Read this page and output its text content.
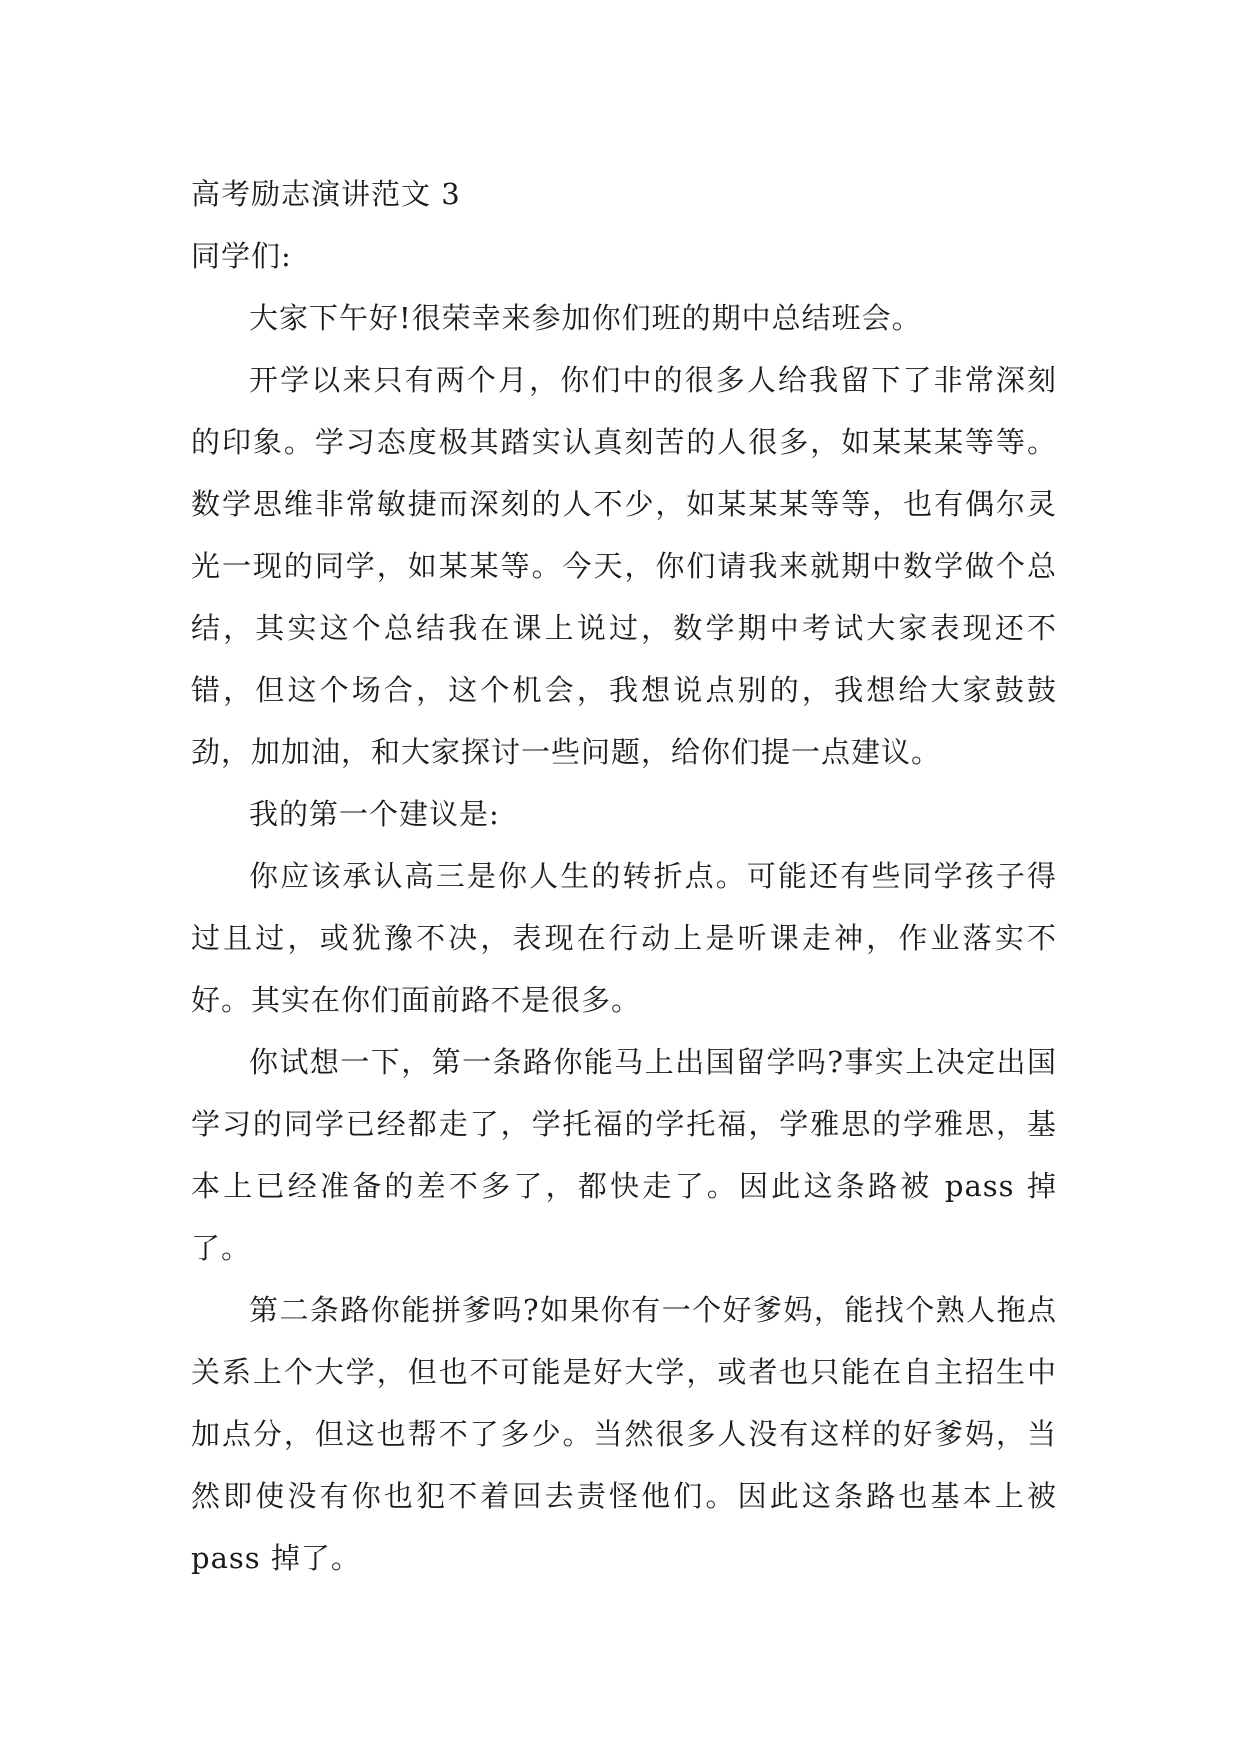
高考励志演讲范文 3

同学们:

大家下午好!很荣幸来参加你们班的期中总结班会。

开学以来只有两个月，你们中的很多人给我留下了非常深刻的印象。学习态度极其踏实认真刻苦的人很多，如某某某等等。数学思维非常敏捷而深刻的人不少，如某某某等等，也有偶尔灵光一现的同学，如某某等。今天，你们请我来就期中数学做个总结，其实这个总结我在课上说过，数学期中考试大家表现还不错，但这个场合，这个机会，我想说点别的，我想给大家鼓鼓劲，加加油，和大家探讨一些问题，给你们提一点建议。

我的第一个建议是:

你应该承认高三是你人生的转折点。可能还有些同学孩子得过且过，或犹豫不决，表现在行动上是听课走神，作业落实不好。其实在你们面前路不是很多。

你试想一下，第一条路你能马上出国留学吗?事实上决定出国学习的同学已经都走了，学托福的学托福，学雅思的学雅思，基本上已经准备的差不多了，都快走了。因此这条路被 pass 掉了。

第二条路你能拼爹吗?如果你有一个好爹妈，能找个熟人拖点关系上个大学，但也不可能是好大学，或者也只能在自主招生中加点分，但这也帮不了多少。当然很多人没有这样的好爹妈，当然即使没有你也犯不着回去责怪他们。因此这条路也基本上被 pass 掉了。
